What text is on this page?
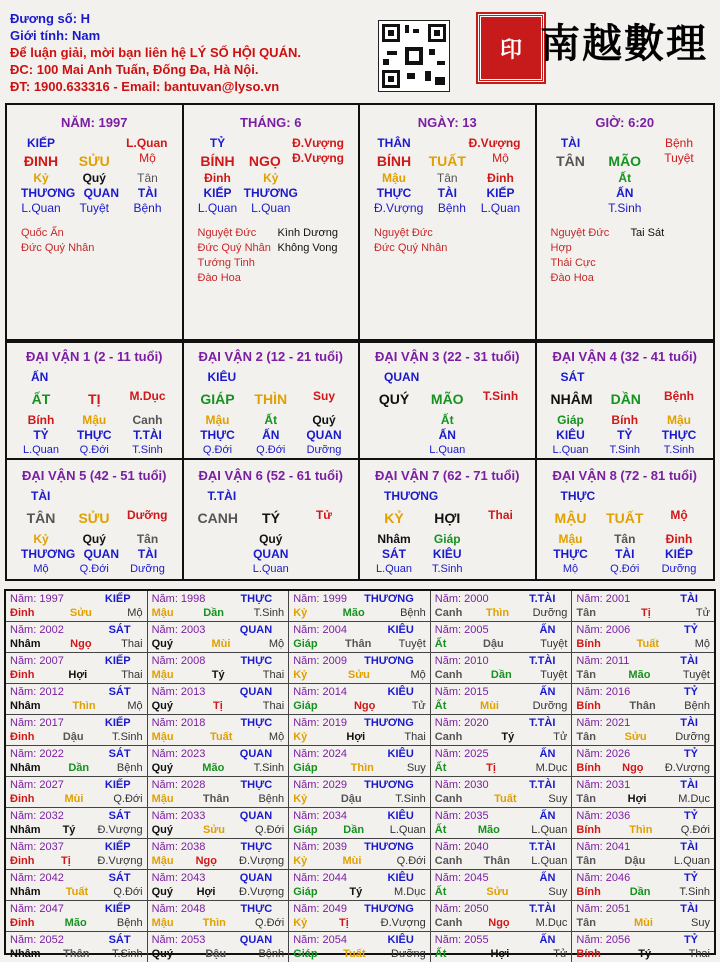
Đương số: H
Giới tính: Nam
Để luận giải, mời bạn liên hệ LÝ SỐ HỘI QUÁN.
ĐC: 100 Mai Anh Tuấn, Đống Đa, Hà Nội.
ĐT: 1900.633316 - Email: bantuvan@lyso.vn
印 南越數理
NĂM: 1997
KIẾP	L.Quan
ĐINH	SỬU	Mộ
Kỷ	Quý	Tân
THƯƠNG QUAN	TÀI
L.Quan	Tuyệt	Bệnh
Quốc Ấn
Đức Quý Nhân
THÁNG: 6
TỶ	Đ.Vượng
BÍNH NGỌ Đ.Vượng
Đinh	Kỷ
KIẾP	THƯƠNG
L.Quan L.Quan
Nguyệt Đức	Kình Dương
Đức Quý Nhân Không Vong
Tướng Tinh
Đào Hoa
NGÀY: 13
THÂN	Đ.Vượng
BÍNH TUẤT	Mộ
Mậu	Tân	Đinh
THỰC	TÀI	KIẾP
Đ.Vượng	Bệnh	L.Quan
Nguyệt Đức
Đức Quý Nhân
GIỜ: 6:20
TÀI	Bệnh
TÂN	MÃO	Tuyệt
Ất
ẤN
T.Sinh
Nguyệt Đức Hợp
Tai Sát
Thái Cực
Đào Hoa
ĐẠI VẬN 1 (2 - 11 tuổi)
ẤN
ẤT	TỊ	M.Dục
Bính	Mậu	Canh
TỶ	THỰC	T.TÀI
L.Quan	Q.Đới	T.Sinh
ĐẠI VẬN 2 (12 - 21 tuổi)
KIÊU
GIÁP THÌN	Suy
Mậu	Ất	Quý
THỰC	ẤN	QUAN
Q.Đới	Q.Đới	Dưỡng
ĐẠI VẬN 3 (22 - 31 tuổi)
QUAN
QUÝ	MÃO	T.Sinh
Ất
ẤN
L.Quan
ĐẠI VẬN 4 (32 - 41 tuổi)
SÁT
NHÂM	DẦN	Bệnh
Giáp	Bính	Mậu
KIÊU	TỶ	THỰC
L.Quan	T.Sinh	T.Sinh
ĐẠI VẬN 5 (42 - 51 tuổi)
TÀI
TÂN	SỬU	Dưỡng
Kỷ	Quý	Tân
THƯƠNG QUAN	TÀI
Mộ	Q.Đới	Dưỡng
ĐẠI VẬN 6 (52 - 61 tuổi)
T.TÀI
CANH	TÝ	Tử
Quý
QUAN
L.Quan
ĐẠI VẬN 7 (62 - 71 tuổi)
THƯƠNG
KỶ	HỢI	Thai
Nhâm	Giáp
SÁT	KIÊU
L.Quan	T.Sinh
ĐẠI VẬN 8 (72 - 81 tuổi)
THỰC
MẬU TUẤT	Mộ
Mậu	Tân	Đinh
THỰC	TÀI	KIẾP
Mộ	Q.Đới	Dưỡng
Năm: 1997	KIẾP
Đinh	Sửu	Mộ
Năm: 1998	THỰC
Mậu	Dần	T.Sinh
Năm: 1999 THƯƠNG
Kỷ	Mão	Bệnh
Năm: 2000	T.TÀI
Canh Thìn Dưỡng
Năm: 2001	TÀI
Tân	Tị	Tử
Năm: 2002	SÁT
Nhâm	Ngọ	Thai
Năm: 2003	QUAN
Quý	Mùi	Mộ
Năm: 2004	KIÊU
Giáp Thân Tuyệt
Năm: 2005	ẤN
Ất	Dậu	Tuyệt
Năm: 2006	TỶ
Bính	Tuất	Mộ
Năm: 2007	KIẾP
Đinh	Hợi	Thai
Năm: 2008	THỰC
Mậu	Tý	Thai
Năm: 2009 THƯƠNG
Kỷ	Sửu	Mộ
Năm: 2010	T.TÀI
Canh	Dần	Tuyệt
Năm: 2011	TÀI
Tân	Mão	Tuyệt
Năm: 2012	SÁT
Nhâm	Thìn	Mộ
Năm: 2013	QUAN
Quý	Tị	Thai
Năm: 2014	KIÊU
Giáp	Ngọ	Tử
Năm: 2015	ẤN
Ất	Mùi	Dưỡng
Năm: 2016	TỶ
Bính	Thân	Bệnh
Năm: 2017	KIẾP
Đinh	Dậu	T.Sinh
Năm: 2018	THỰC
Mậu	Tuất	Mộ
Năm: 2019 THƯƠNG
Kỷ	Hợi	Thai
Năm: 2020	T.TÀI
Canh	Tý	Tử
Năm: 2021	TÀI
Tân	Sửu	Dưỡng
Năm: 2022	SÁT
Nhâm	Dần	Bệnh
Năm: 2023	QUAN
Quý	Mão	T.Sinh
Năm: 2024	KIÊU
Giáp	Thìn	Suy
Năm: 2025	ẤN
Ất	Tị	M.Dục
Năm: 2026	TỶ
Bính Ngọ Đ.Vượng
Năm: 2027	KIẾP
Đinh	Mùi	Q.Đới
Năm: 2028	THỰC
Mậu	Thân	Bệnh
Năm: 2029 THƯƠNG
Kỷ	Dậu	T.Sinh
Năm: 2030	T.TÀI
Canh	Tuất	Suy
Năm: 2031	TÀI
Tân	Hợi	M.Dục
Năm: 2032	SÁT
Nhâm Tý Đ.Vượng
Năm: 2033	QUAN
Quý	Sửu	Q.Đới
Năm: 2034	KIÊU
Giáp Dần L.Quan
Năm: 2035	ẤN
Ất	Mão	L.Quan
Năm: 2036	TỶ
Bính	Thìn	Q.Đới
Năm: 2037	KIẾP
Đinh Tị Đ.Vượng
Năm: 2038	THỰC
Mậu Ngọ Đ.Vượng
Năm: 2039 THƯƠNG
Kỷ	Mùi	Q.Đới
Năm: 2040	T.TÀI
Canh Thân L.Quan
Năm: 2041	TÀI
Tân	Dậu	L.Quan
Năm: 2042	SÁT
Nhâm Tuất Q.Đới
Năm: 2043	QUAN
Quý Hợi Đ.Vượng
Năm: 2044	KIÊU
Giáp	Tý	M.Dục
Năm: 2045	ẤN
Ất	Sửu	Suy
Năm: 2046	TỶ
Bính	Dần	T.Sinh
Năm: 2047	KIẾP
Đinh	Mão	Bệnh
Năm: 2048	THỰC
Mậu	Thìn	Q.Đới
Năm: 2049 THƯƠNG
Kỷ	Tị	Đ.Vượng
Năm: 2050	T.TÀI
Canh Ngọ M.Dục
Năm: 2051	TÀI
Tân	Mùi	Suy
Năm: 2052	SÁT
Nhâm Thân T.Sinh
Năm: 2053	QUAN
Quý	Dậu	Bệnh
Năm: 2054	KIÊU
Giáp Tuất Dưỡng
Năm: 2055	ẤN
Ất	Hợi	Tử
Năm: 2056	TỶ
Bính	Tý	Thai
